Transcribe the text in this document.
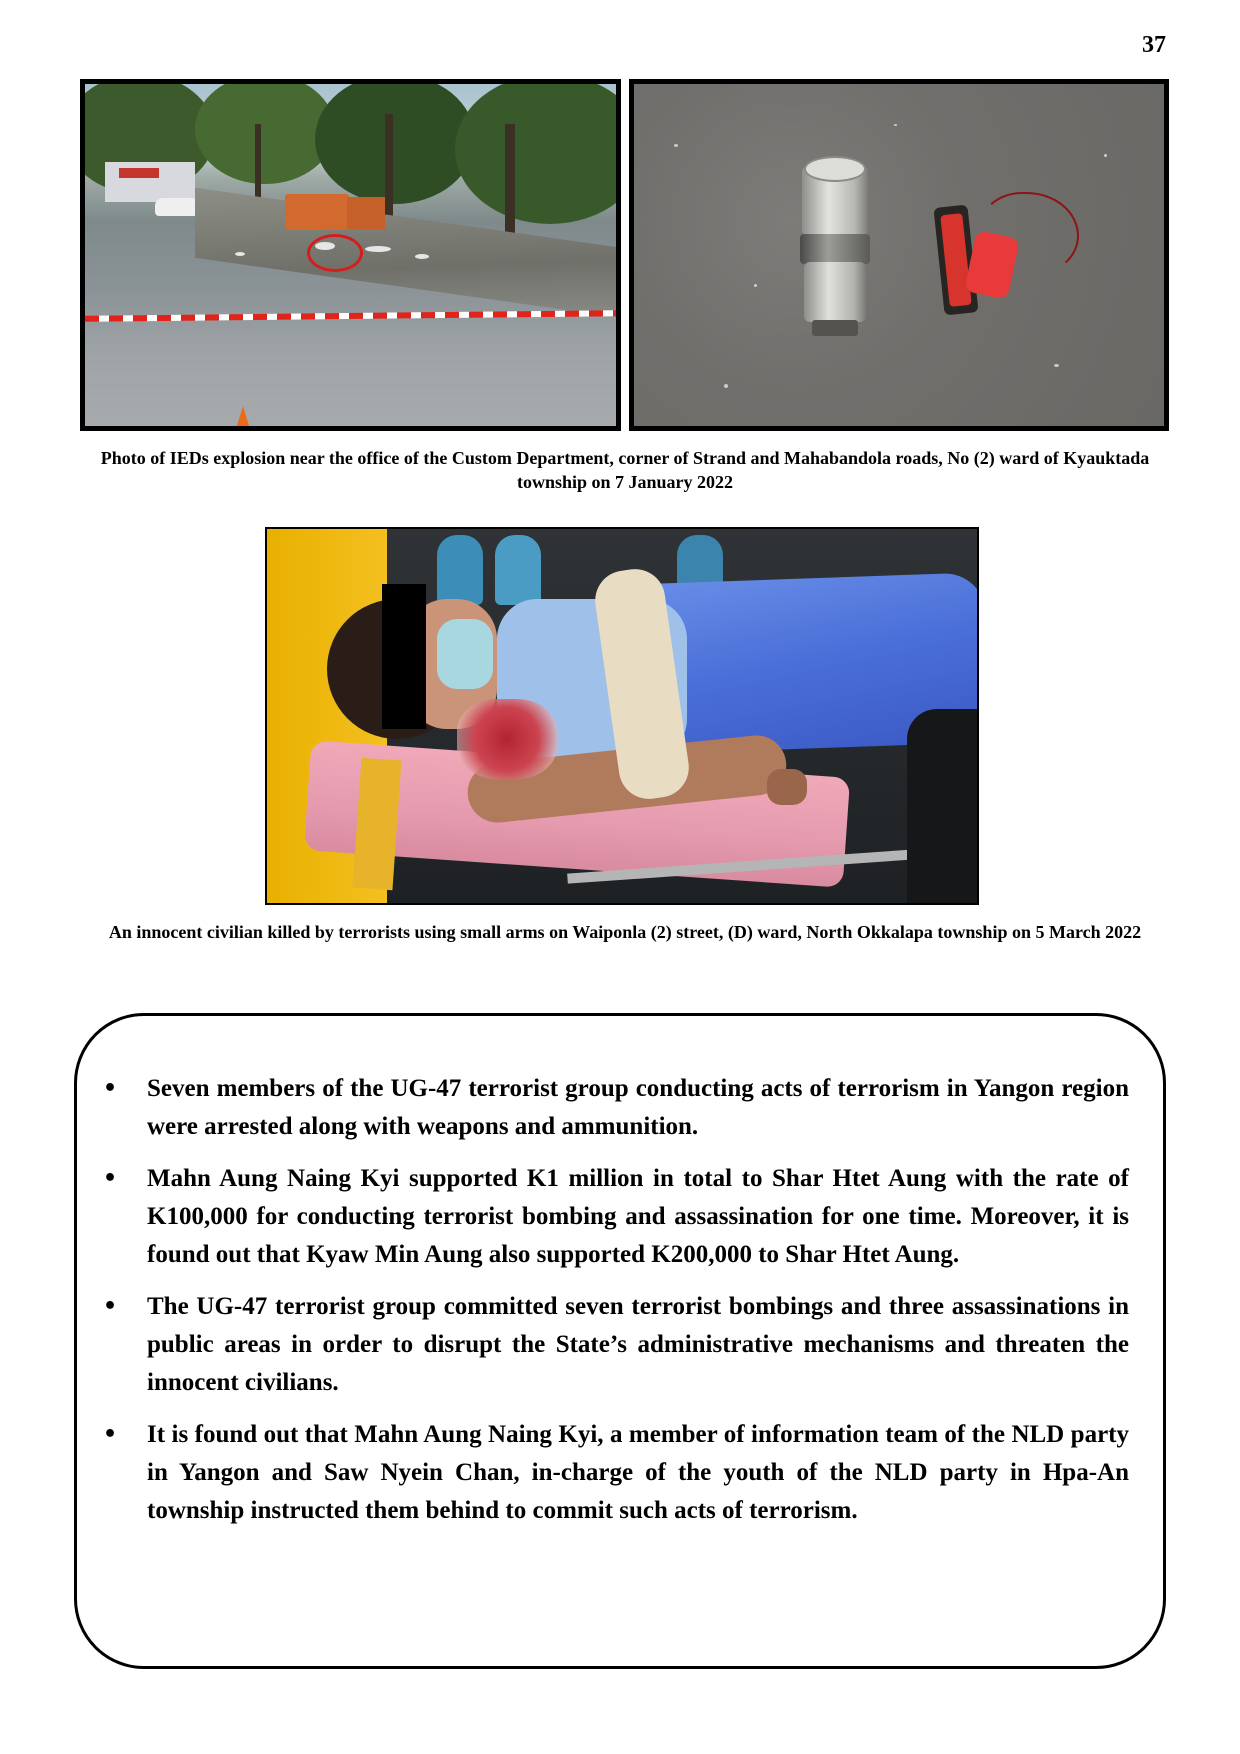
37
Photo of IEDs explosion near the office of the Custom Department, corner of Strand and Mahabandola roads, No (2) ward of Kyauktada township on 7 January 2022
An innocent civilian killed by terrorists using small arms on Waiponla (2) street, (D) ward, North Okkalapa township on 5 March 2022
• Seven members of the UG-47 terrorist group conducting acts of terrorism in Yangon region were arrested along with weapons and ammunition.
• Mahn Aung Naing Kyi supported K1 million in total to Shar Htet Aung with the rate of K100,000 for conducting terrorist bombing and assassination for one time. Moreover, it is found out that Kyaw Min Aung also supported K200,000 to Shar Htet Aung.
• The UG-47 terrorist group committed seven terrorist bombings and three assassinations in public areas in order to disrupt the State’s administrative mechanisms and threaten the innocent civilians.
• It is found out that Mahn Aung Naing Kyi, a member of information team of the NLD party in Yangon and Saw Nyein Chan, in-charge of the youth of the NLD party in Hpa-An township instructed them behind to commit such acts of terrorism.
